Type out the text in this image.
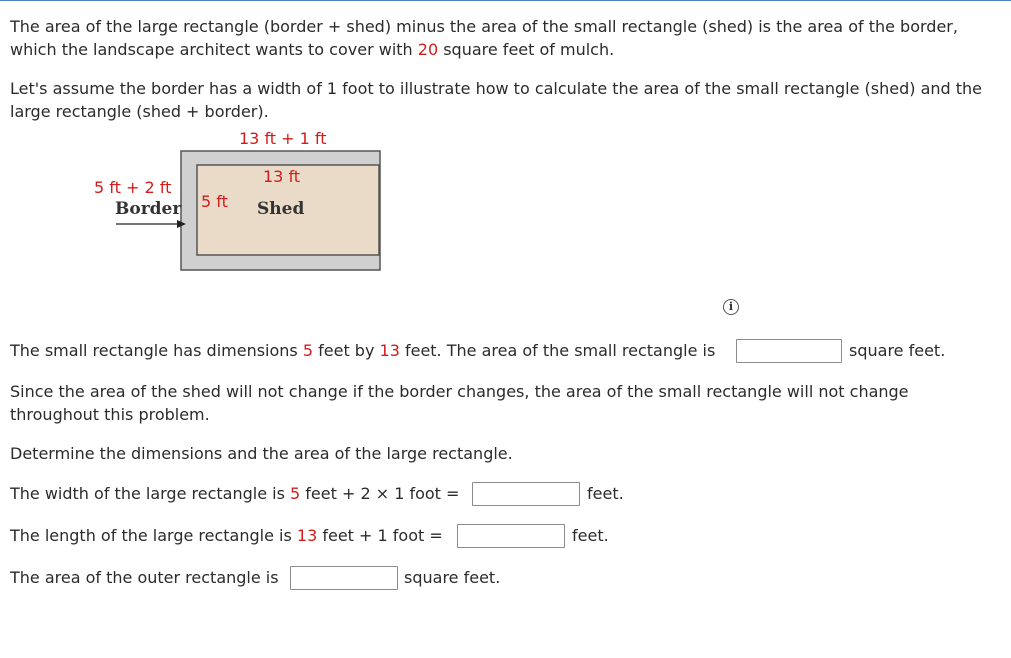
The area of the large rectangle (border + shed) minus the area of the small rectangle (shed) is the area of the border, which the landscape architect wants to cover with 20 square feet of mulch.

Let's assume the border has a width of 1 foot to illustrate how to calculate the area of the small rectangle (shed) and the large rectangle (shed + border).

13 ft + 1 ft
13 ft
5 ft + 2 ft
Border 5 ft Shed
i
The small rectangle has dimensions 5 feet by 13 feet. The area of the small rectangle is	square feet.

Since the area of the shed will not change if the border changes, the area of the small rectangle will not change throughout this problem.

Determine the dimensions and the area of the large rectangle.
The width of the large rectangle is 5 feet + 2 × 1 foot =	feet.
The length of the large rectangle is 13 feet + 1 foot =	feet.
The area of the outer rectangle is	square feet.
